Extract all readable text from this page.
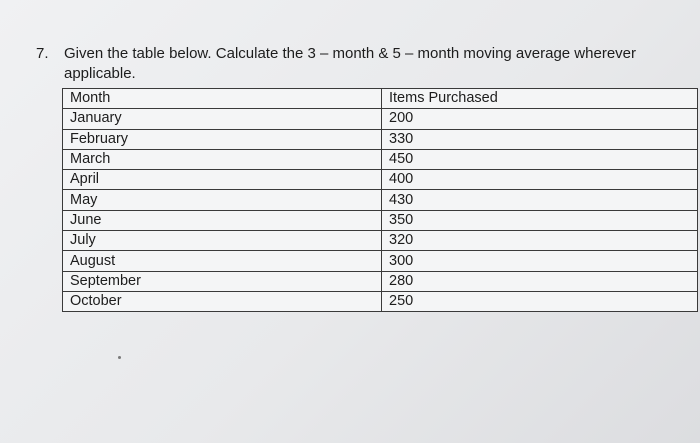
7. Given the table below. Calculate the 3 – month & 5 – month moving average wherever applicable.
Month	Items Purchased
January	200
February	330
March	450
April	400
May	430
June	350
July	320
August	300
September	280
October	250
